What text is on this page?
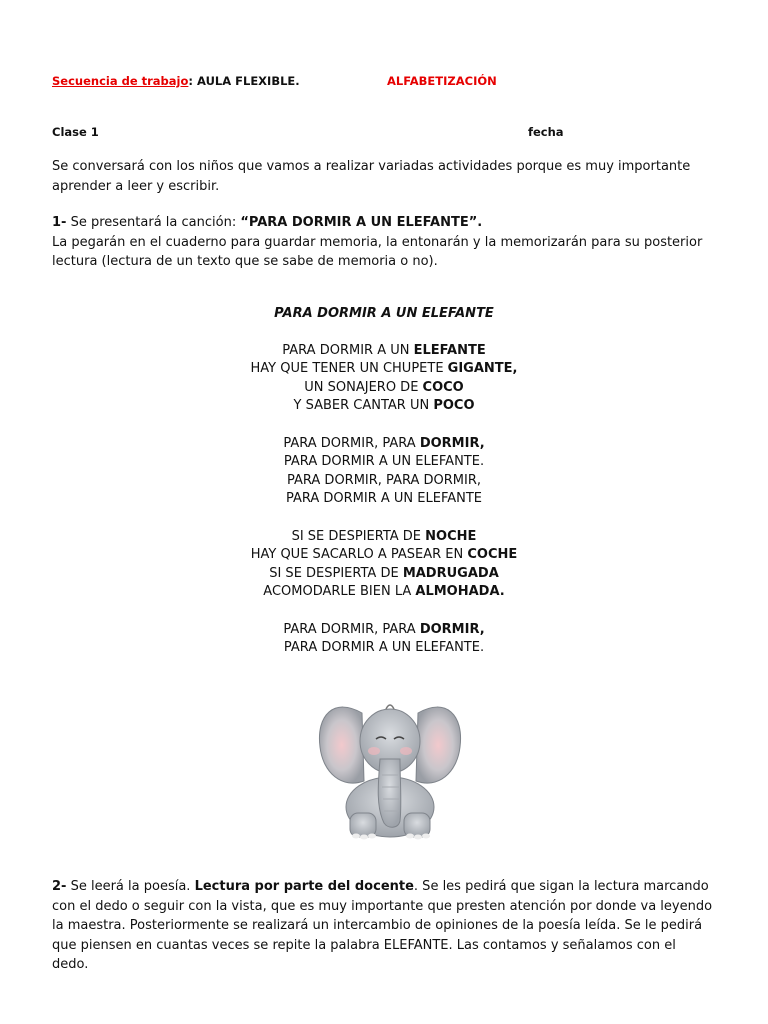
Secuencia de trabajo: AULA FLEXIBLE.	ALFABETIZACIÓN
Clase 1	fecha
Se conversará con los niños que vamos a realizar variadas actividades porque es muy importante
aprender a leer y escribir.
1- Se presentará la canción: “PARA DORMIR A UN ELEFANTE”.
La pegarán en el cuaderno para guardar memoria, la entonarán y la memorizarán para su posterior
lectura (lectura de un texto que se sabe de memoria o no).
PARA DORMIR A UN ELEFANTE
PARA DORMIR A UN ELEFANTE
HAY QUE TENER UN CHUPETE GIGANTE,
UN SONAJERO DE COCO
Y SABER CANTAR UN POCO
PARA DORMIR, PARA DORMIR,
PARA DORMIR A UN ELEFANTE.
PARA DORMIR, PARA DORMIR,
PARA DORMIR A UN ELEFANTE
SI SE DESPIERTA DE NOCHE
HAY QUE SACARLO A PASEAR EN COCHE
SI SE DESPIERTA DE MADRUGADA
ACOMODARLE BIEN LA ALMOHADA.
PARA DORMIR, PARA DORMIR,
PARA DORMIR A UN ELEFANTE.
2- Se leerá la poesía. Lectura por parte del docente. Se les pedirá que sigan la lectura marcando
con el dedo o seguir con la vista, que es muy importante que presten atención por donde va leyendo
la maestra. Posteriormente se realizará un intercambio de opiniones de la poesía leída. Se le pedirá
que piensen en cuantas veces se repite la palabra ELEFANTE. Las contamos y señalamos con el
dedo.
